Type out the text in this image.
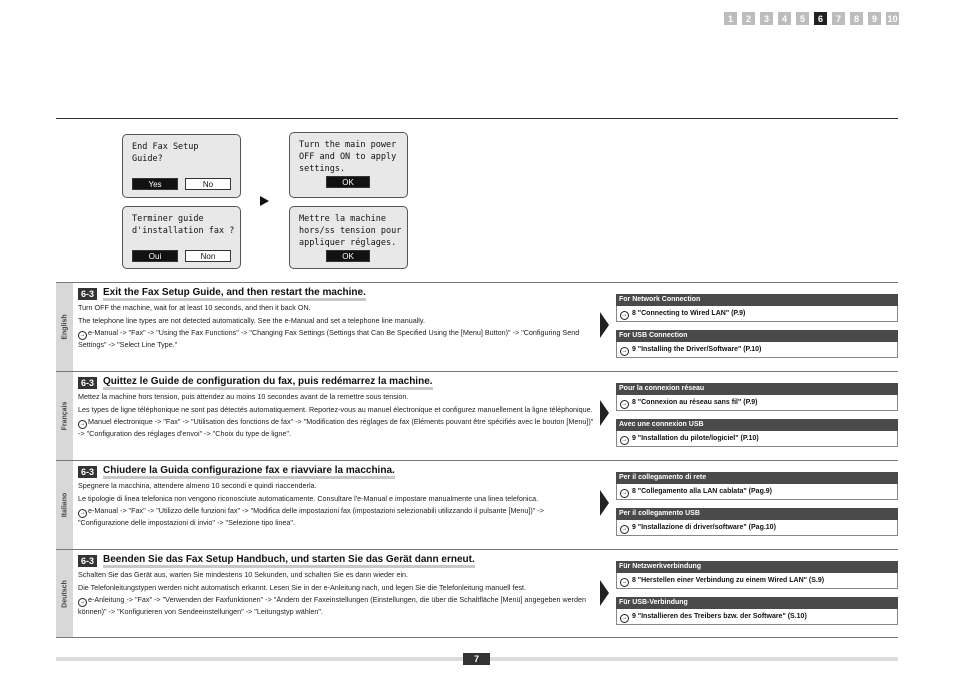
1	2	3	4	5	6	7	8	9	10
End Fax Setup
Guide?
Yes	No
Turn the main power
OFF and ON to apply
settings.
OK
Terminer guide
d'installation fax ?
Oui	Non
Mettre la machine
hors/ss tension pour
appliquer réglages.
OK
English
6-3 Exit the Fax Setup Guide, and then restart the machine.

Turn OFF the machine, wait for at least 10 seconds, and then it back ON.

The telephone line types are not detected automatically. See the e-Manual and set a telephone line manually.

→ e-Manual -> "Fax" -> "Using the Fax Functions" -> "Changing Fax Settings (Settings that Can Be Specified Using the [Menu] Button)" -> "Configuring Send Settings" -> "Select Line Type."

For Network Connection
→ 8 "Connecting to Wired LAN" (P.9)
For USB Connection
→ 9 "Installing the Driver/Software" (P.10)
Français
6-3 Quittez le Guide de configuration du fax, puis redémarrez la machine.

Mettez la machine hors tension, puis attendez au moins 10 secondes avant de la remettre sous tension.

Les types de ligne téléphonique ne sont pas détectés automatiquement. Reportez-vous au manuel électronique et configurez manuellement la ligne téléphonique.

→ Manuel électronique -> "Fax" -> "Utilisation des fonctions de fax" -> "Modification des réglages de fax (Eléments pouvant être spécifiés avec le bouton [Menu])" -> "Configuration des réglages d'envoi" -> "Choix du type de ligne".

Pour la connexion réseau
→ 8 "Connexion au réseau sans fil" (P.9)
Avec une connexion USB
→ 9 "Installation du pilote/logiciel" (P.10)
Italiano
6-3 Chiudere la Guida configurazione fax e riavviare la macchina.

Spegnere la macchina, attendere almeno 10 secondi e quindi riaccenderla.

Le tipologie di linea telefonica non vengono riconosciute automaticamente. Consultare l'e-Manual e impostare manualmente una linea telefonica.

→ e-Manual -> "Fax" -> "Utilizzo delle funzioni fax" -> "Modifica delle impostazioni fax (impostazioni selezionabili utilizzando il pulsante [Menu])" -> "Configurazione delle impostazioni di invio" -> "Selezione tipo linea".

Per il collegamento di rete
→ 8 "Collegamento alla LAN cablata" (Pag.9)
Per il collegamento USB
→ 9 "Installazione di driver/software" (Pag.10)
Deutsch
6-3 Beenden Sie das Fax Setup Handbuch, und starten Sie das Gerät dann erneut.

Schalten Sie das Gerät aus, warten Sie mindestens 10 Sekunden, und schalten Sie es dann wieder ein.

Die Telefonleitungstypen werden nicht automatisch erkannt. Lesen Sie in der e-Anleitung nach, und legen Sie die Telefonleitung manuell fest.

→ e-Anleitung -> "Fax" -> "Verwenden der Faxfunktionen" -> "Ändern der Faxeinstellungen (Einstellungen, die über die Schaltfläche [Menü] angegeben werden können)" -> "Konfigurieren von Sendeeinstellungen" -> "Leitungstyp wählen".

Für Netzwerkverbindung
→ 8 "Herstellen einer Verbindung zu einem Wired LAN" (S.9)
Für USB-Verbindung
→ 9 "Installieren des Treibers bzw. der Software" (S.10)
7
